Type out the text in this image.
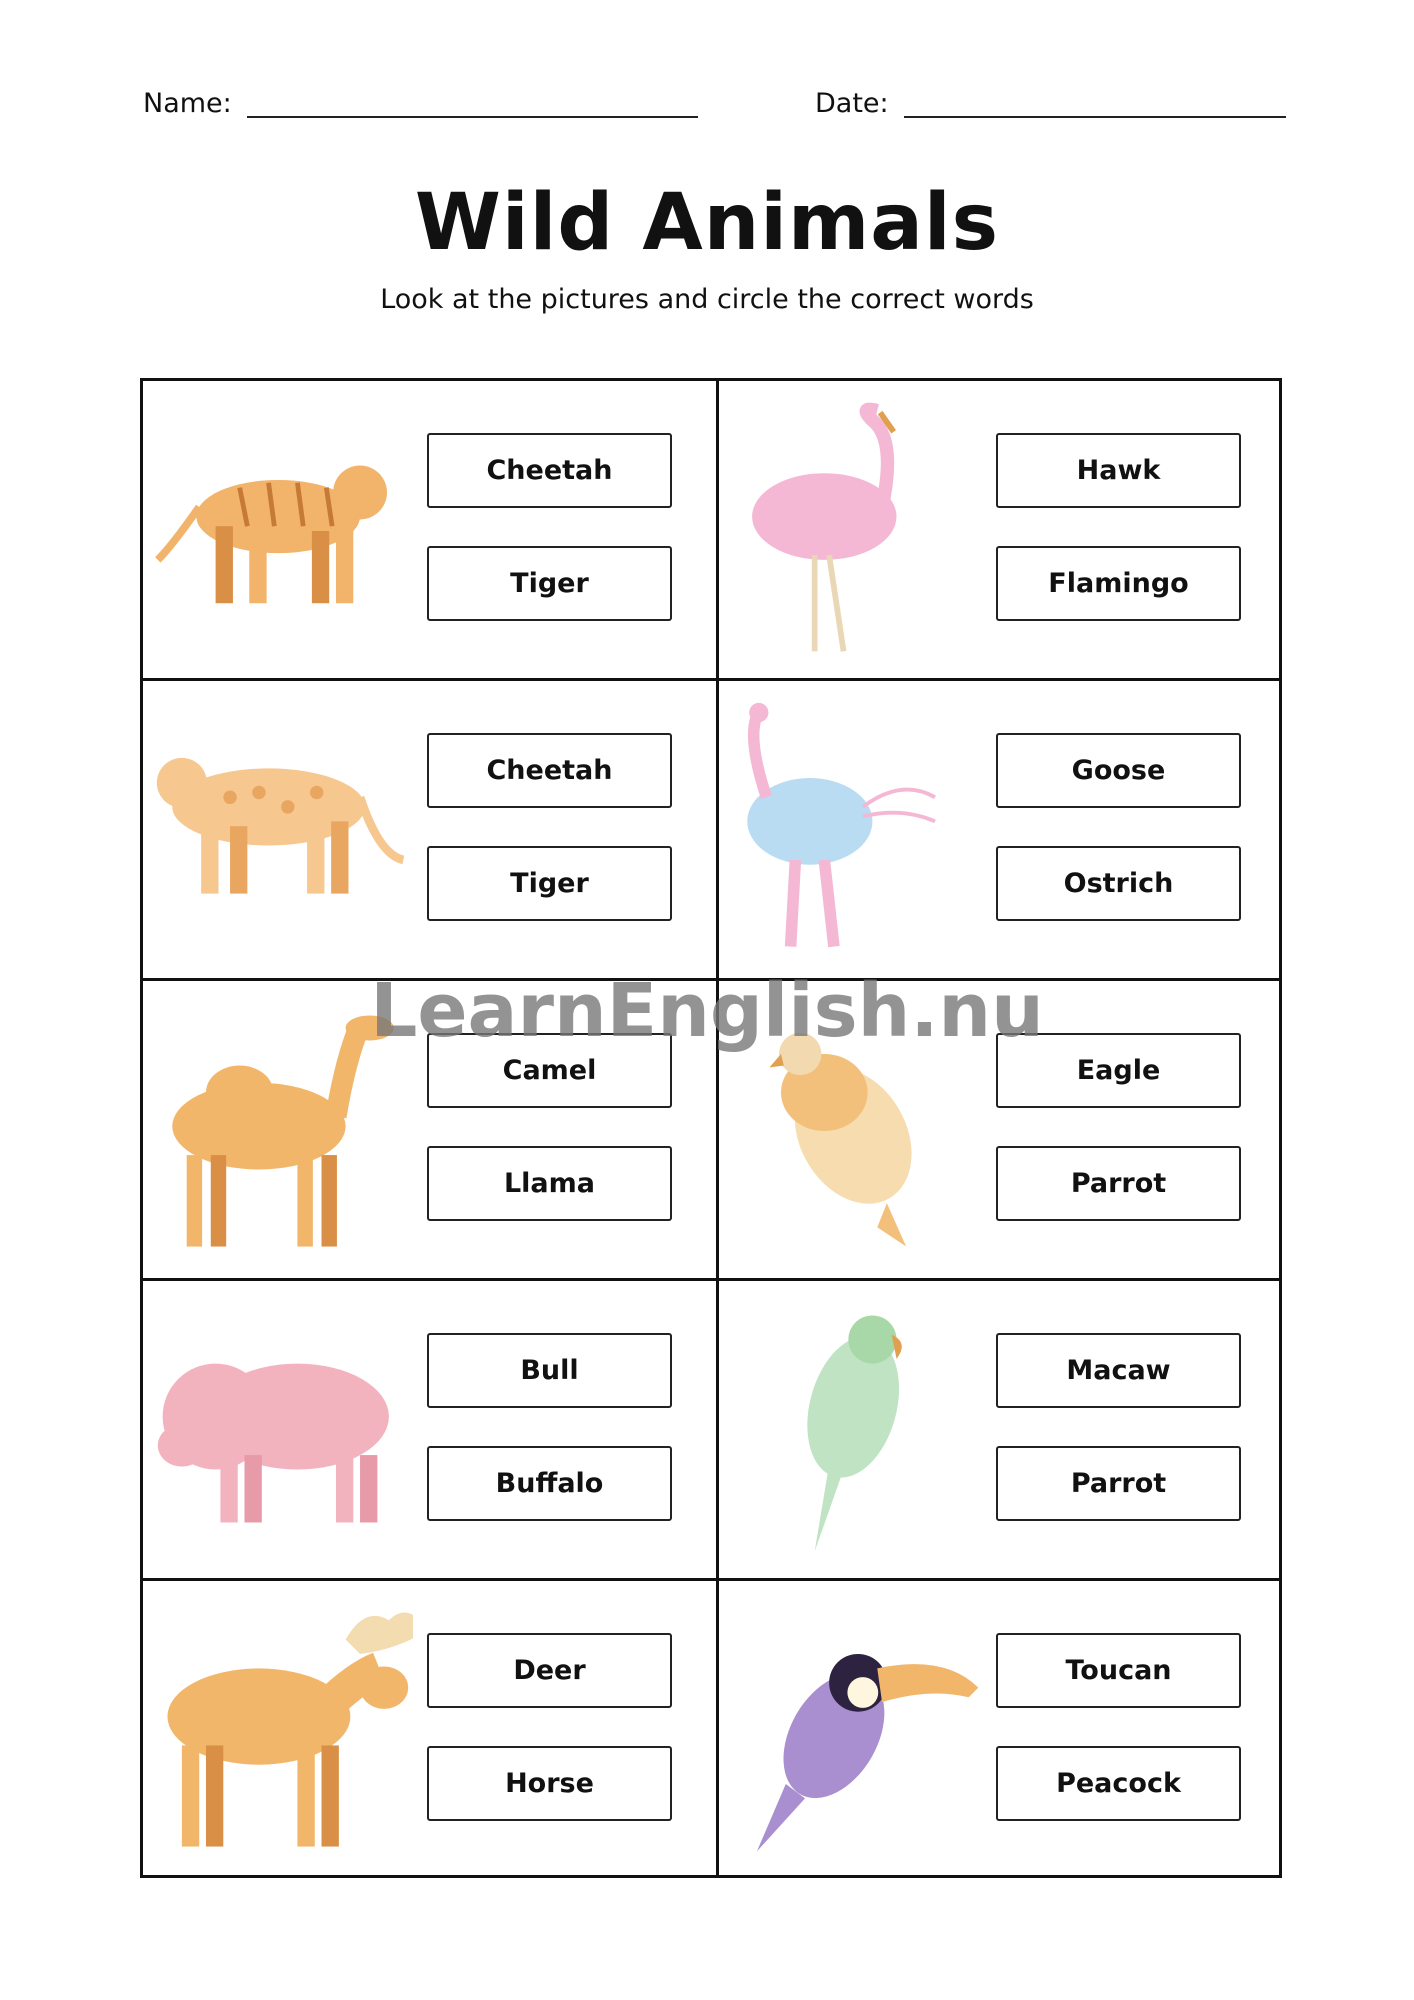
Name:	Date:
Wild Animals
Look at the pictures and circle the correct words
Cheetah
Tiger
Hawk
Flamingo
Cheetah
Tiger
Goose
Ostrich
Camel
Llama
Eagle
Parrot
Bull
Buffalo
Macaw
Parrot
Deer
Horse
Toucan
Peacock
LearnEnglish.nu
